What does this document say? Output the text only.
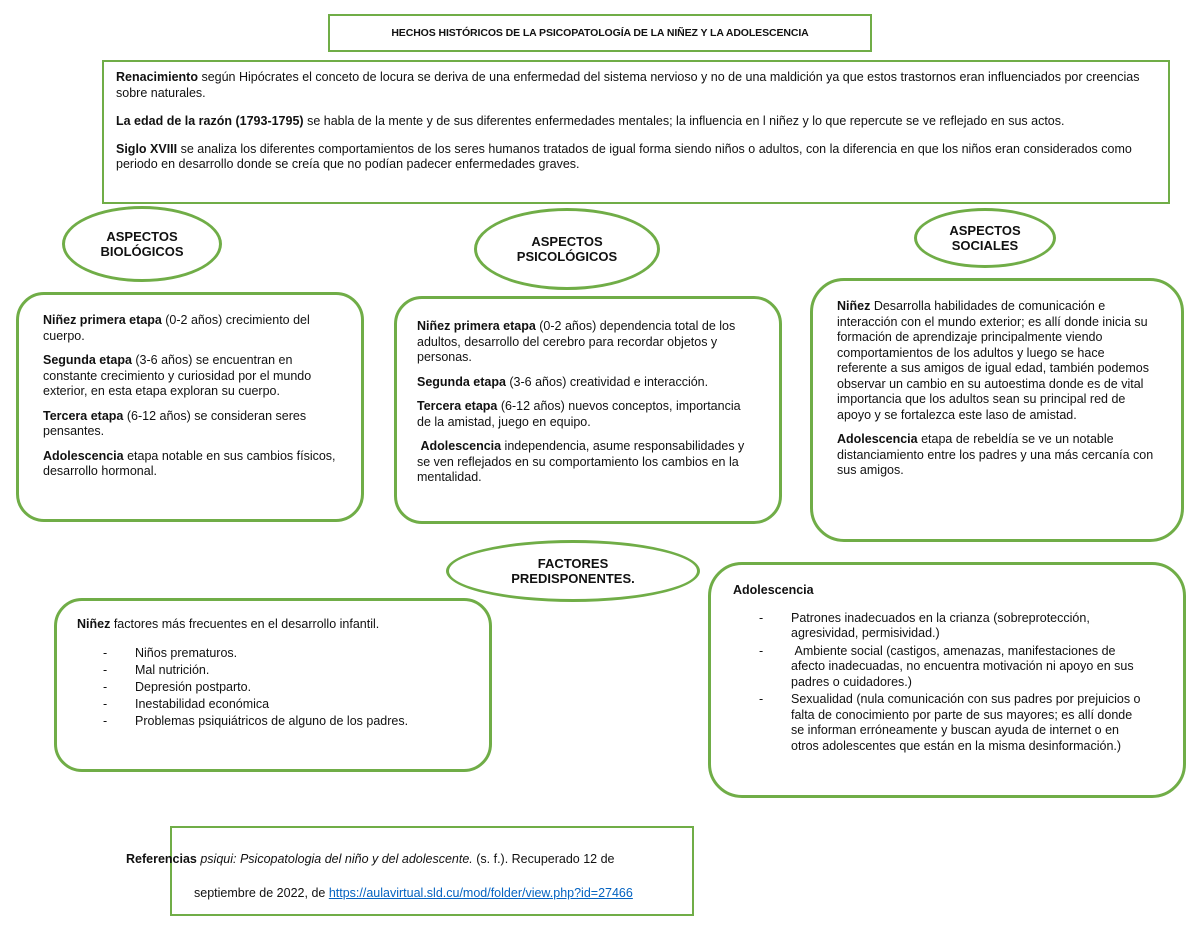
HECHOS HISTÓRICOS DE LA PSICOPATOLOGÍA DE LA NIÑEZ Y LA ADOLESCENCIA

Renacimiento según Hipócrates el conceto de locura se deriva de una enfermedad del sistema nervioso y no de una maldición ya que estos trastornos eran influenciados por creencias sobre naturales.

La edad de la razón (1793-1795) se habla de la mente y de sus diferentes enfermedades mentales; la influencia en l niñez y lo que repercute se ve reflejado en sus actos.

Siglo XVIII se analiza los diferentes comportamientos de los seres humanos tratados de igual forma siendo niños o adultos, con la diferencia en que los niños eran considerados como periodo en desarrollo donde se creía que no podían padecer enfermedades graves.

ASPECTOS
BIOLÓGICOS
ASPECTOS
PSICOLÓGICOS
ASPECTOS
SOCIALES
FACTORES
PREDISPONENTES.

Niñez primera etapa (0-2 años) crecimiento del cuerpo.

Segunda etapa (3-6 años) se encuentran en constante crecimiento y curiosidad por el mundo exterior, en esta etapa exploran su cuerpo.

Tercera etapa (6-12 años) se consideran seres pensantes.

Adolescencia etapa notable en sus cambios físicos, desarrollo hormonal.

Niñez primera etapa (0-2 años) dependencia total de los adultos, desarrollo del cerebro para recordar objetos y personas.

Segunda etapa (3-6 años) creatividad e interacción.

Tercera etapa (6-12 años) nuevos conceptos, importancia de la amistad, juego en equipo.

Adolescencia independencia, asume responsabilidades y se ven reflejados en su comportamiento los cambios en la mentalidad.

Niñez Desarrolla habilidades de comunicación e interacción con el mundo exterior; es allí donde inicia su formación de aprendizaje principalmente viendo comportamientos de los adultos y luego se hace referente a sus amigos de igual edad, también podemos observar un cambio en su autoestima donde es de vital importancia que los adultos sean su principal red de apoyo y se fortalezca este laso de amistad.

Adolescencia etapa de rebeldía se ve un notable distanciamiento entre los padres y una más cercanía con sus amigos.

Niñez factores más frecuentes en el desarrollo infantil.

- Niños prematuros.
- Mal nutrición.
- Depresión postparto.
- Inestabilidad económica
- Problemas psiquiátricos de alguno de los padres.

Adolescencia

- Patrones inadecuados en la crianza (sobreprotección, agresividad, permisividad.)
-  Ambiente social (castigos, amenazas, manifestaciones de afecto inadecuadas, no encuentra motivación ni apoyo en sus padres o cuidadores.)
- Sexualidad (nula comunicación con sus padres por prejuicios o falta de conocimiento por parte de sus mayores; es allí donde se informan erróneamente y buscan ayuda de internet o en otros adolescentes que están en la misma desinformación.)
Referencias psiqui: Psicopatologia del niño y del adolescente. (s. f.). Recuperado 12 de
septiembre de 2022, de https://aulavirtual.sld.cu/mod/folder/view.php?id=27466
